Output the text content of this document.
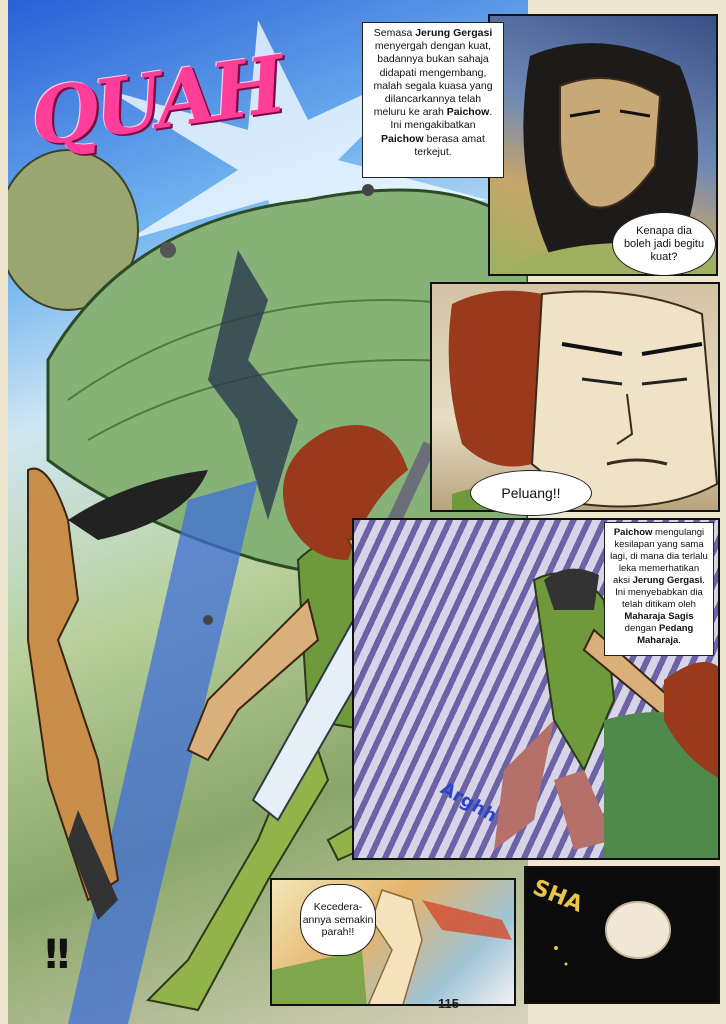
QUAH
!!
Arghh
SHA
Semasa Jerung Gergasi menyergah dengan kuat, badannya bukan sahaja didapati mengembang, malah segala kuasa yang dilancarkannya telah meluru ke arah Paichow. Ini mengakibatkan Paichow berasa amat terkejut.
Paichow mengulangi kesilapan yang sama lagi, di mana dia terlalu leka memerhatikan aksi Jerung Gergasi. Ini menyebabkan dia telah ditikam oleh Maharaja Sagis dengan Pedang Maharaja.
Kenapa dia boleh jadi begitu kuat?
Peluang!!
Kecedera-annya semakin parah!!
115
